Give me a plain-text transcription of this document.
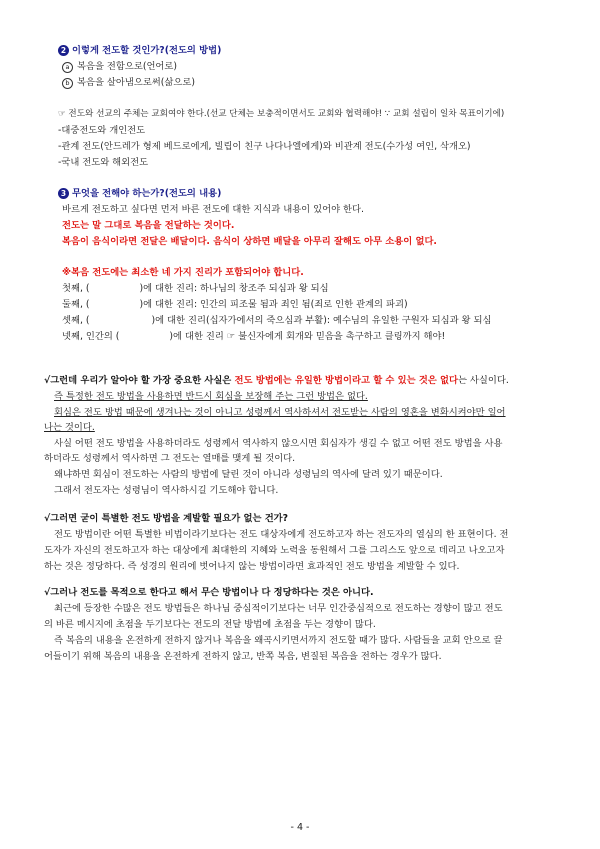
2 이렇게 전도할 것인가?(전도의 방법)
a 복음을 전함으로(언어로)
b 복음을 살아냄으로써(삶으로)
☞ 전도와 선교의 주체는 교회여야 한다.(선교 단체는 보충적이면서도 교회와 협력해야! ∵ 교회 설립이 일차 목표이기에)
-대중전도와 개인전도
-관계 전도(안드레가 형제 베드로에게, 빌립이 친구 나다나엘에게)와 비관계 전도(수가성 여인, 삭개오)
-국내 전도와 해외전도
3 무엇을 전해야 하는가?(전도의 내용)
바르게 전도하고 싶다면 먼저 바른 전도에 대한 지식과 내용이 있어야 한다.
전도는 말 그대로 복음을 전달하는 것이다.
복음이 음식이라면 전달은 배달이다. 음식이 상하면 배달을 아무리 잘해도 아무 소용이 없다.
※복음 전도에는 최소한 네 가지 진리가 포함되어야 합니다.
첫째, (	)에 대한 진리: 하나님의 창조주 되심과 왕 되심
둘째, (	)에 대한 진리: 인간의 피조물 됨과 죄인 됨(죄로 인한 관계의 파괴)
셋째, (	)에 대한 진리(십자가에서의 죽으심과 부활): 예수님의 유일한 구원자 되심과 왕 되심
넷째, 인간의 (	)에 대한 진리 ☞ 불신자에게 회개와 믿음을 촉구하고 클링까지 해야!
√그런데 우리가 알아야 할 가장 중요한 사실은 전도 방법에는 유일한 방법이라고 할 수 있는 것은 없다는 사실이다.
즉 특정한 전도 방법을 사용하면 반드시 회심을 보장해 주는 그런 방법은 없다.
회심은 전도 방법 때문에 생겨나는 것이 아니고 성령께서 역사하셔서 전도받는 사람의 영혼을 변화시켜야만 일어
나는 것이다.
사실 어떤 전도 방법을 사용하더라도 성령께서 역사하지 않으시면 회심자가 생길 수 없고 어떤 전도 방법을 사용
하더라도 성령께서 역사하면 그 전도는 열매를 맺게 될 것이다.
왜냐하면 회심이 전도하는 사람의 방법에 달린 것이 아니라 성령님의 역사에 달려 있기 때문이다.
그래서 전도자는 성령님이 역사하시길 기도해야 합니다.
√그러면 굳이 특별한 전도 방법을 계발할 필요가 없는 건가?
전도 방법이란 어떤 특별한 비법이라기보다는 전도 대상자에게 전도하고자 하는 전도자의 열심의 한 표현이다. 전
도자가 자신의 전도하고자 하는 대상에게 최대한의 지혜와 노력을 동원해서 그를 그리스도 앞으로 데리고 나오고자
하는 것은 정당하다. 즉 성경의 원리에 벗어나지 않는 방법이라면 효과적인 전도 방법을 계발할 수 있다.
√그러나 전도를 목적으로 한다고 해서 무슨 방법이나 다 정당하다는 것은 아니다.
최근에 등장한 수많은 전도 방법들은 하나님 중심적이기보다는 너무 인간중심적으로 전도하는 경향이 많고 전도
의 바른 메시지에 초점을 두기보다는 전도의 전달 방법에 초점을 두는 경향이 많다.
즉 복음의 내용을 온전하게 전하지 않거나 복음을 왜곡시키면서까지 전도할 때가 많다. 사람들을 교회 안으로 끌
어들이기 위해 복음의 내용을 온전하게 전하지 않고, 반쪽 복음, 변질된 복음을 전하는 경우가 많다.
- 4 -
